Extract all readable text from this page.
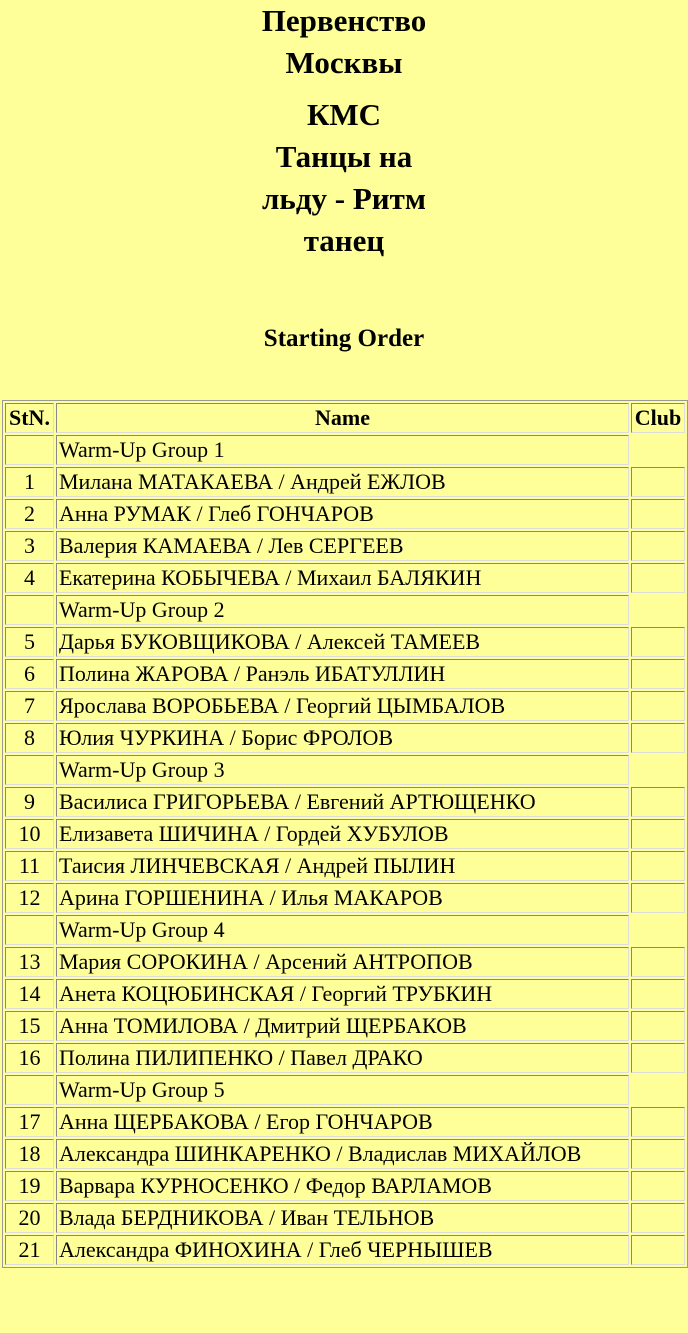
Первенство
Москвы
КМС
Танцы на
льду - Ритм
танец
Starting Order
StN.	Name	Club
	Warm-Up Group 1	
1	Милана МАТАКАЕВА / Андрей ЕЖЛОВ	
2	Анна РУМАК / Глеб ГОНЧАРОВ	
3	Валерия КАМАЕВА / Лев СЕРГЕЕВ	
4	Екатерина КОБЫЧЕВА / Михаил БАЛЯКИН	
	Warm-Up Group 2	
5	Дарья БУКОВЩИКОВА / Алексей ТАМЕЕВ	
6	Полина ЖАРОВА / Ранэль ИБАТУЛЛИН	
7	Ярослава ВОРОБЬЕВА / Георгий ЦЫМБАЛОВ	
8	Юлия ЧУРКИНА / Борис ФРОЛОВ	
	Warm-Up Group 3	
9	Василиса ГРИГОРЬЕВА / Евгений АРТЮЩЕНКО	
10	Елизавета ШИЧИНА / Гордей ХУБУЛОВ	
11	Таисия ЛИНЧЕВСКАЯ / Андрей ПЫЛИН	
12	Арина ГОРШЕНИНА / Илья МАКАРОВ	
	Warm-Up Group 4	
13	Мария СОРОКИНА / Арсений АНТРОПОВ	
14	Анета КОЦЮБИНСКАЯ / Георгий ТРУБКИН	
15	Анна ТОМИЛОВА / Дмитрий ЩЕРБАКОВ	
16	Полина ПИЛИПЕНКО / Павел ДРАКО	
	Warm-Up Group 5	
17	Анна ЩЕРБАКОВА / Егор ГОНЧАРОВ	
18	Александра ШИНКАРЕНКО / Владислав МИХАЙЛОВ	
19	Варвара КУРНОСЕНКО / Федор ВАРЛАМОВ	
20	Влада БЕРДНИКОВА / Иван ТЕЛЬНОВ	
21	Александра ФИНОХИНА / Глеб ЧЕРНЫШЕВ	
